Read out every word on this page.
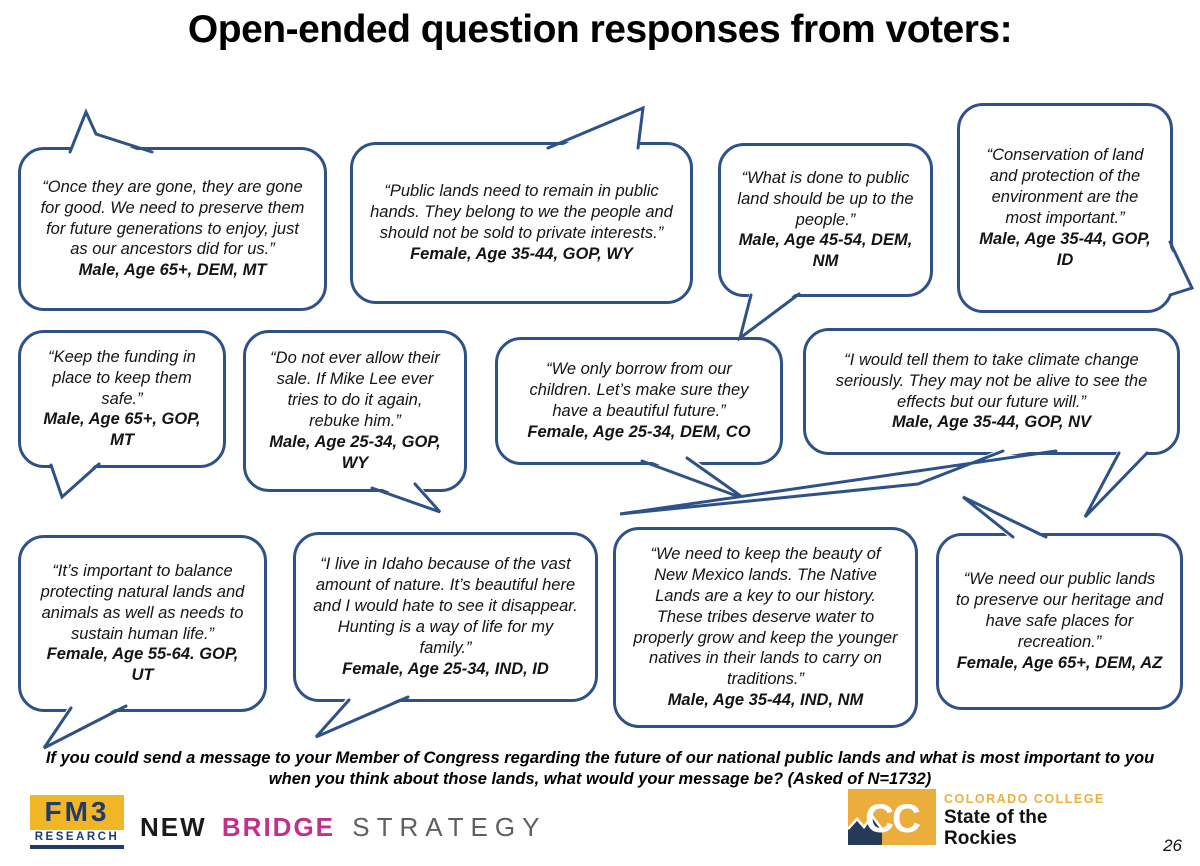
Open-ended question responses from voters:
“Once they are gone, they are gone for good. We need to preserve them for future generations to enjoy, just as our ancestors did for us.”
Male, Age 65+, DEM, MT
“Public lands need to remain in public hands. They belong to we the people and should not be sold to private interests.”
Female, Age 35-44, GOP, WY
“What is done to public land should be up to the people.”
Male, Age 45-54, DEM, NM
“Conservation of land and protection of the environment are the most important.”
Male, Age 35-44, GOP, ID
“Keep the funding in place to keep them safe.”
Male, Age 65+, GOP, MT
“Do not ever allow their sale. If Mike Lee ever tries to do it again, rebuke him.”
Male, Age 25-34, GOP, WY
“We only borrow from our children. Let’s make sure they have a beautiful future.”
Female, Age 25-34, DEM, CO
“I would tell them to take climate change seriously. They may not be alive to see the effects but our future will.”
Male, Age 35-44, GOP, NV
“It’s important to balance protecting natural lands and animals as well as needs to sustain human life.”
Female, Age 55-64. GOP, UT
“I live in Idaho because of the vast amount of nature. It’s beautiful here and I would hate to see it disappear. Hunting is a way of life for my family.”
Female, Age 25-34, IND, ID
“We need to keep the beauty of New Mexico lands. The Native Lands are a key to our history. These tribes deserve water to properly grow and keep the younger natives in their lands to carry on traditions.”
Male, Age 35-44, IND, NM
“We need our public lands to preserve our heritage and have safe places for recreation.”
Female, Age 65+, DEM, AZ
If you could send a message to your Member of Congress regarding the future of our national public lands and what is most important to you when you think about those lands, what would your message be? (Asked of N=1732)
FM3
RESEARCH NEW BRIDGE STRATEGY	CC COLORADO COLLEGE
State of the
Rockies	26
